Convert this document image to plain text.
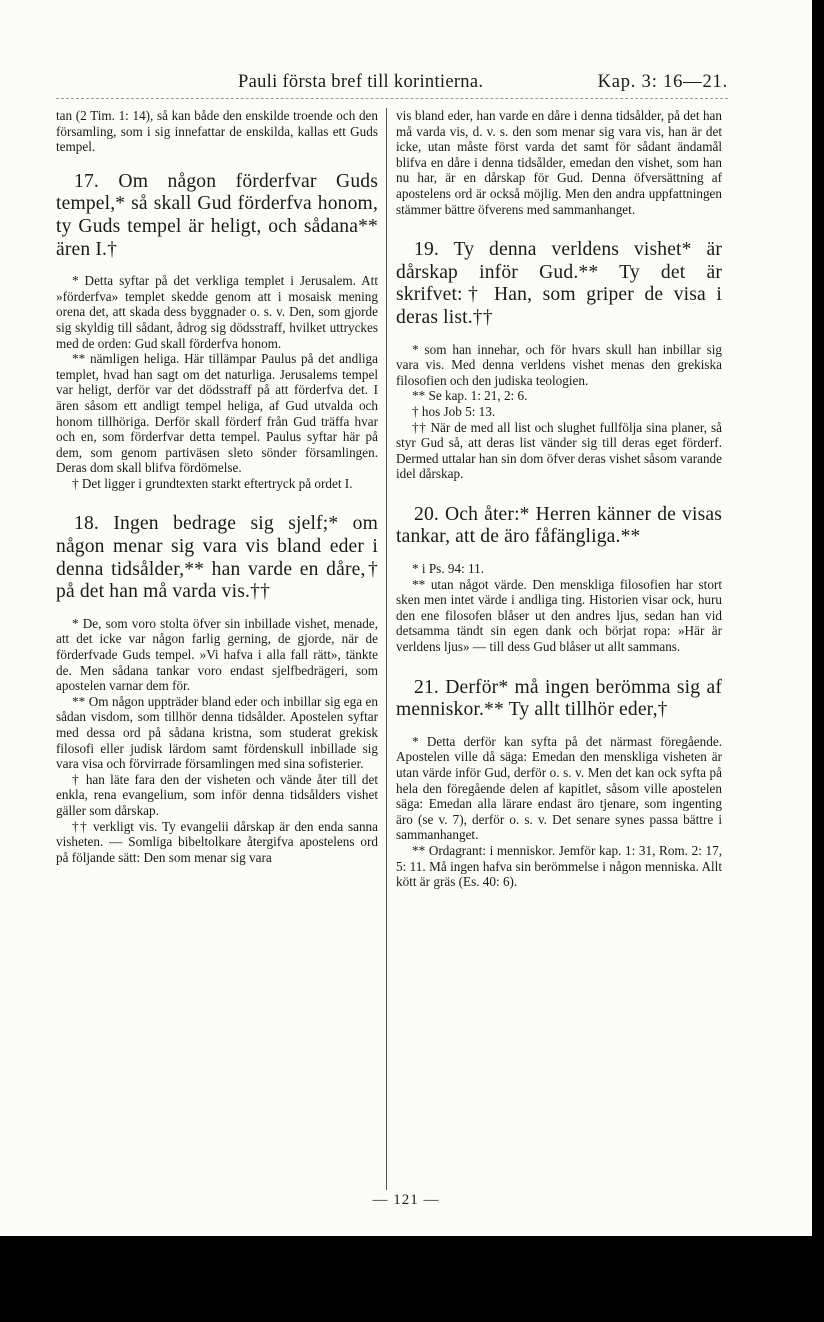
Pauli första bref till korintierna.	Kap. 3: 16—21.

tan (2 Tim. 1: 14), så kan både den enskilde troende och den församling, som i sig innefattar de enskilda, kallas ett Guds tempel.

17. Om någon förderfvar Guds tempel,* så skall Gud förderfva honom, ty Guds tempel är heligt, och sådana** ären I.†

* Detta syftar på det verkliga templet i Jerusalem. Att »förderfva» templet skedde genom att i mosaisk mening orena det, att skada dess byggnader o. s. v. Den, som gjorde sig skyldig till sådant, ådrog sig dödsstraff, hvilket uttryckes med de orden: Gud skall förderfva honom.

** nämligen heliga. Här tillämpar Paulus på det andliga templet, hvad han sagt om det naturliga. Jerusalems tempel var heligt, derför var det dödsstraff på att förderfva det. I ären såsom ett andligt tempel heliga, af Gud utvalda och honom tillhöriga. Derför skall förderf från Gud träffa hvar och en, som förderfvar detta tempel. Paulus syftar här på dem, som genom partiväsen sleto sönder församlingen. Deras dom skall blifva fördömelse.

† Det ligger i grundtexten starkt eftertryck på ordet I.

18. Ingen bedrage sig sjelf;* om någon menar sig vara vis bland eder i denna tidsålder,** han varde en dåre,† på det han må varda vis.††

* De, som voro stolta öfver sin inbillade vishet, menade, att det icke var någon farlig gerning, de gjorde, när de förderfvade Guds tempel. »Vi hafva i alla fall rätt», tänkte de. Men sådana tankar voro endast sjelfbedrägeri, som apostelen varnar dem för.

** Om någon uppträder bland eder och inbillar sig ega en sådan visdom, som tillhör denna tidsålder. Apostelen syftar med dessa ord på sådana kristna, som studerat grekisk filosofi eller judisk lärdom samt fördenskull inbillade sig vara visa och förvirrade församlingen med sina sofisterier.

† han läte fara den der visheten och vände åter till det enkla, rena evangelium, som inför denna tidsålders vishet gäller som dårskap.

†† verkligt vis. Ty evangelii dårskap är den enda sanna visheten. — Somliga bibeltolkare återgifva apostelens ord på följande sätt: Den som menar sig vara

vis bland eder, han varde en dåre i denna tidsålder, på det han må varda vis, d. v. s. den som menar sig vara vis, han är det icke, utan måste först varda det samt för sådant ändamål blifva en dåre i denna tidsålder, emedan den vishet, som han nu har, är en dårskap för Gud. Denna öfversättning af apostelens ord är också möjlig. Men den andra uppfattningen stämmer bättre öfverens med sammanhanget.

19. Ty denna verldens vishet* är dårskap inför Gud.** Ty det är skrifvet:† Han, som griper de visa i deras list.††

* som han innehar, och för hvars skull han inbillar sig vara vis. Med denna verldens vishet menas den grekiska filosofien och den judiska teologien.

** Se kap. 1: 21, 2: 6.

† hos Job 5: 13.

†† När de med all list och slughet fullfölja sina planer, så styr Gud så, att deras list vänder sig till deras eget förderf. Dermed uttalar han sin dom öfver deras vishet såsom varande idel dårskap.

20. Och åter:* Herren känner de visas tankar, att de äro fåfängliga.**

* i Ps. 94: 11.

** utan något värde. Den menskliga filosofien har stort sken men intet värde i andliga ting. Historien visar ock, huru den ene filosofen blåser ut den andres ljus, sedan han vid detsamma tändt sin egen dank och börjat ropa: »Här är verldens ljus» — till dess Gud blåser ut allt sammans.

21. Derför* må ingen berömma sig af menniskor.** Ty allt tillhör eder,†

* Detta derför kan syfta på det närmast föregående. Apostelen ville då säga: Emedan den menskliga visheten är utan värde inför Gud, derför o. s. v. Men det kan ock syfta på hela den föregående delen af kapitlet, såsom ville apostelen säga: Emedan alla lärare endast äro tjenare, som ingenting äro (se v. 7), derför o. s. v. Det senare synes passa bättre i sammanhanget.

** Ordagrant: i menniskor. Jemför kap. 1: 31, Rom. 2: 17, 5: 11. Må ingen hafva sin berömmelse i någon menniska. Allt kött är gräs (Es. 40: 6).

— 121 —
